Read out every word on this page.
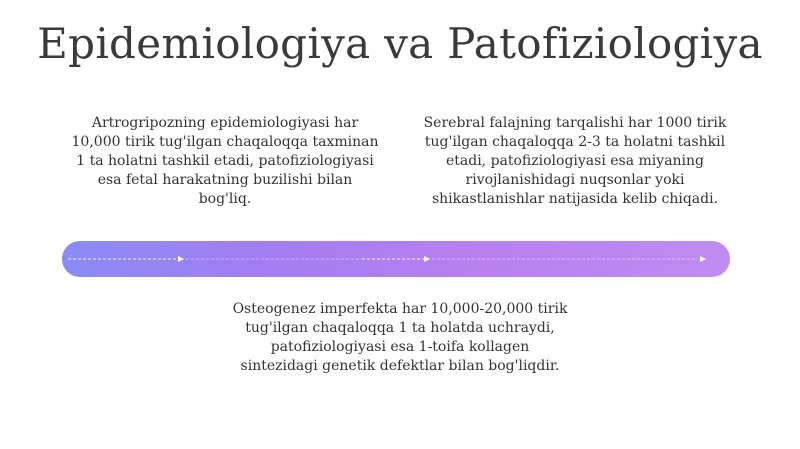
Epidemiologiya va Patofiziologiya
Artrogripozning epidemiologiyasi har 10,000 tirik tug'ilgan chaqaloqqa taxminan 1 ta holatni tashkil etadi, patofiziologiyasi esa fetal harakatning buzilishi bilan bog'liq.
Serebral falajning tarqalishi har 1000 tirik tug'ilgan chaqaloqqa 2-3 ta holatni tashkil etadi, patofiziologiyasi esa miyaning rivojlanishidagi nuqsonlar yoki shikastlanishlar natijasida kelib chiqadi.
Osteogenez imperfekta har 10,000-20,000 tirik tug'ilgan chaqaloqqa 1 ta holatda uchraydi, patofiziologiyasi esa 1-toifa kollagen sintezidagi genetik defektlar bilan bog'liqdir.
